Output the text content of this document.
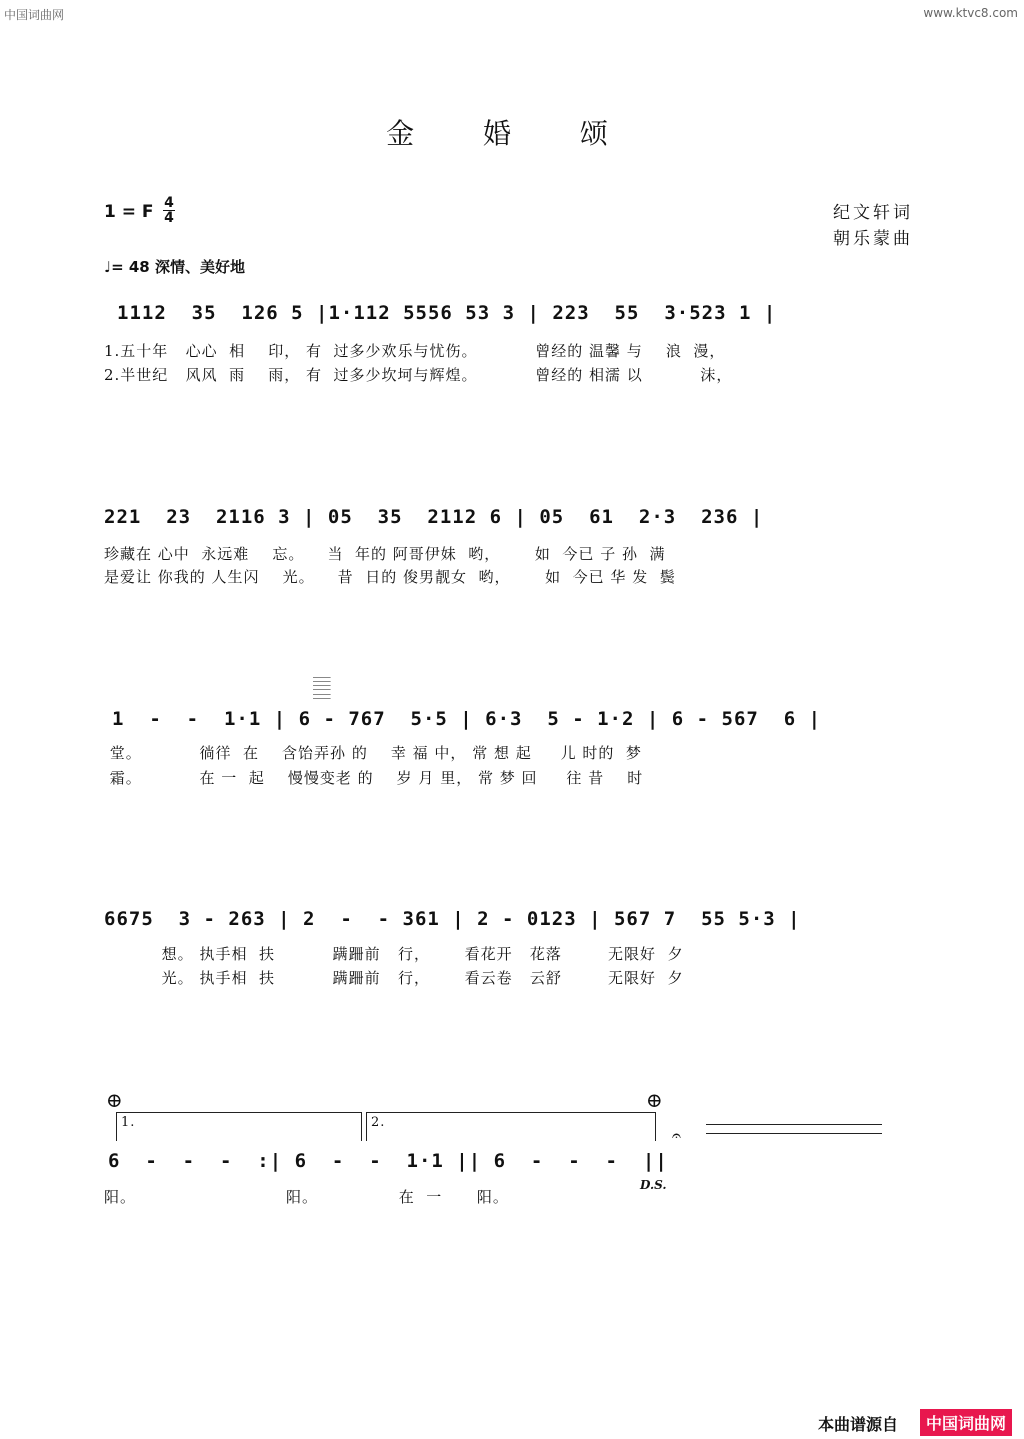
中国词曲网	www.ktvc8.com
金 婚 颂
1 = F $\frac{4}{4}$	纪文轩词
朝乐蒙曲
♩= 48 深情、美好地
1112  35  126 5 |1·112 5556 53 3 | 223  55  3·523 1 |
1.五十年   心心  相    印， 有  过多少欢乐与忧伤。          曾经的 温馨 与    浪  漫，
2.半世纪   风风  雨    雨， 有  过多少坎坷与辉煌。          曾经的 相濡 以          沫，
221  23  2116 3 | 05  35  2112 6 | 05  61  2·3  236 |
珍藏在 心中  永远难    忘。    当  年的 阿哥伊妹  哟，      如  今已 子 孙  满
是爱让 你我的 人生闪    光。    昔  日的 俊男靓女  哟，      如  今已 华 发  鬓
𝄛
1  -  -  1·1 | 6 - 767  5·5 | 6·3  5 - 1·2 | 6 - 567  6 |
堂。          徜徉  在    含饴弄孙 的    幸 福 中， 常 想 起     儿 时的  梦
霜。          在 一  起    慢慢变老 的    岁 月 里， 常 梦 回     往 昔    时
6675  3 - 263 | 2  -  - 361 | 2 - 0123 | 567 7  55 5·3 |
想。 执手相  扶          蹒跚前   行，      看花开   花落        无限好  夕
光。 执手相  扶          蹒跚前   行，      看云卷   云舒        无限好  夕
⊕	⊕
1.	2.
6  -  -  -  :| 6  -  -  1·1 || 6  -  -  -  ||
阳。                          阳。              在  一      阳。
D.S.
𝄐
本曲谱源自	中国词曲网
